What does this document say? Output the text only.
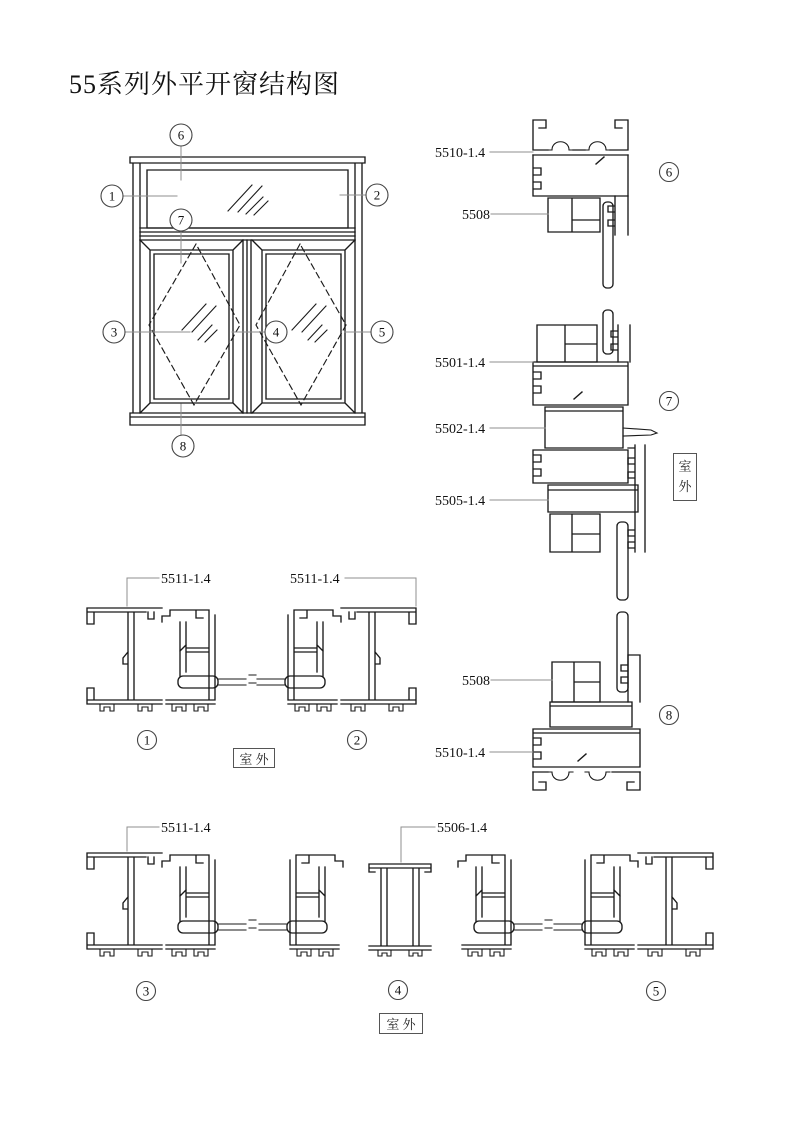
55系列外平开窗结构图
1	2
3	4	5
6
7
8
5510-1.4
5508
5501-1.4
5502-1.4
5505-1.4
5508
5510-1.4
6
7
8
5511-1.4	5511-1.4
1	2
5511-1.4	5506-1.4
3	4	5
室
外
室 外
室 外
